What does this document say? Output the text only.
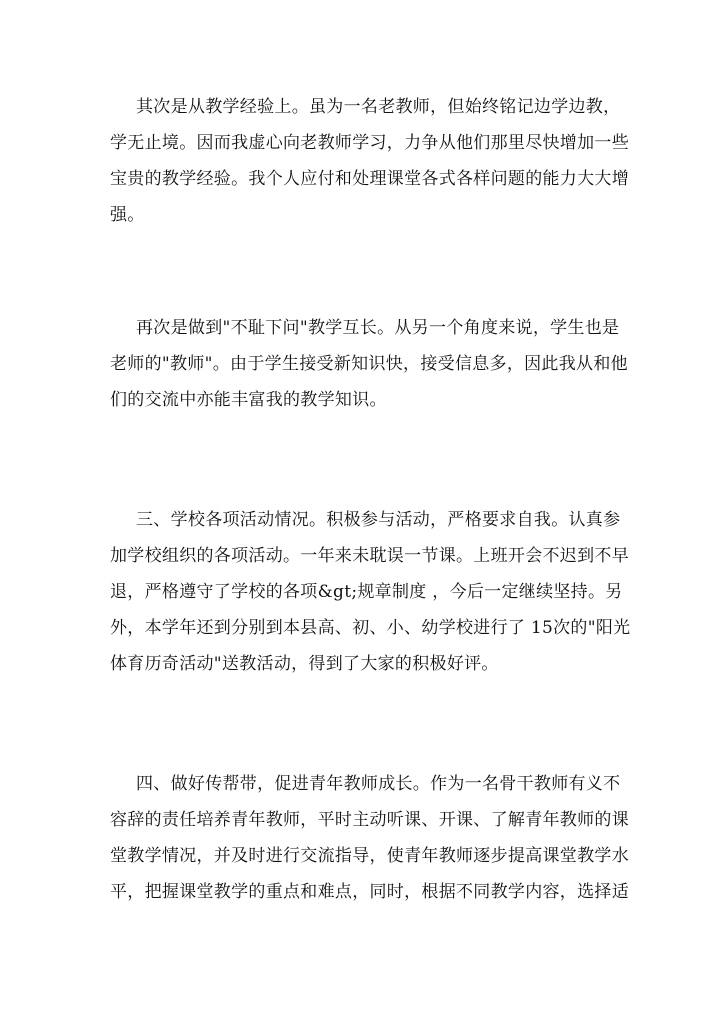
其次是从教学经验上。虽为一名老教师，但始终铭记边学边教，
学无止境。因而我虚心向老教师学习，力争从他们那里尽快增加一些
宝贵的教学经验。我个人应付和处理课堂各式各样问题的能力大大增
强。
再次是做到"不耻下问"教学互长。从另一个角度来说，学生也是
老师的"教师"。由于学生接受新知识快，接受信息多，因此我从和他
们的交流中亦能丰富我的教学知识。
三、学校各项活动情况。积极参与活动，严格要求自我。认真参
加学校组织的各项活动。一年来未耽误一节课。上班开会不迟到不早
退，严格遵守了学校的各项&gt;规章制度 ，今后一定继续坚持。另
外，本学年还到分别到本县高、初、小、幼学校进行了 15次的"阳光
体育历奇活动"送教活动，得到了大家的积极好评。
四、做好传帮带，促进青年教师成长。作为一名骨干教师有义不
容辞的责任培养青年教师，平时主动听课、开课、了解青年教师的课
堂教学情况，并及时进行交流指导，使青年教师逐步提高课堂教学水
平，把握课堂教学的重点和难点，同时，根据不同教学内容，选择适
